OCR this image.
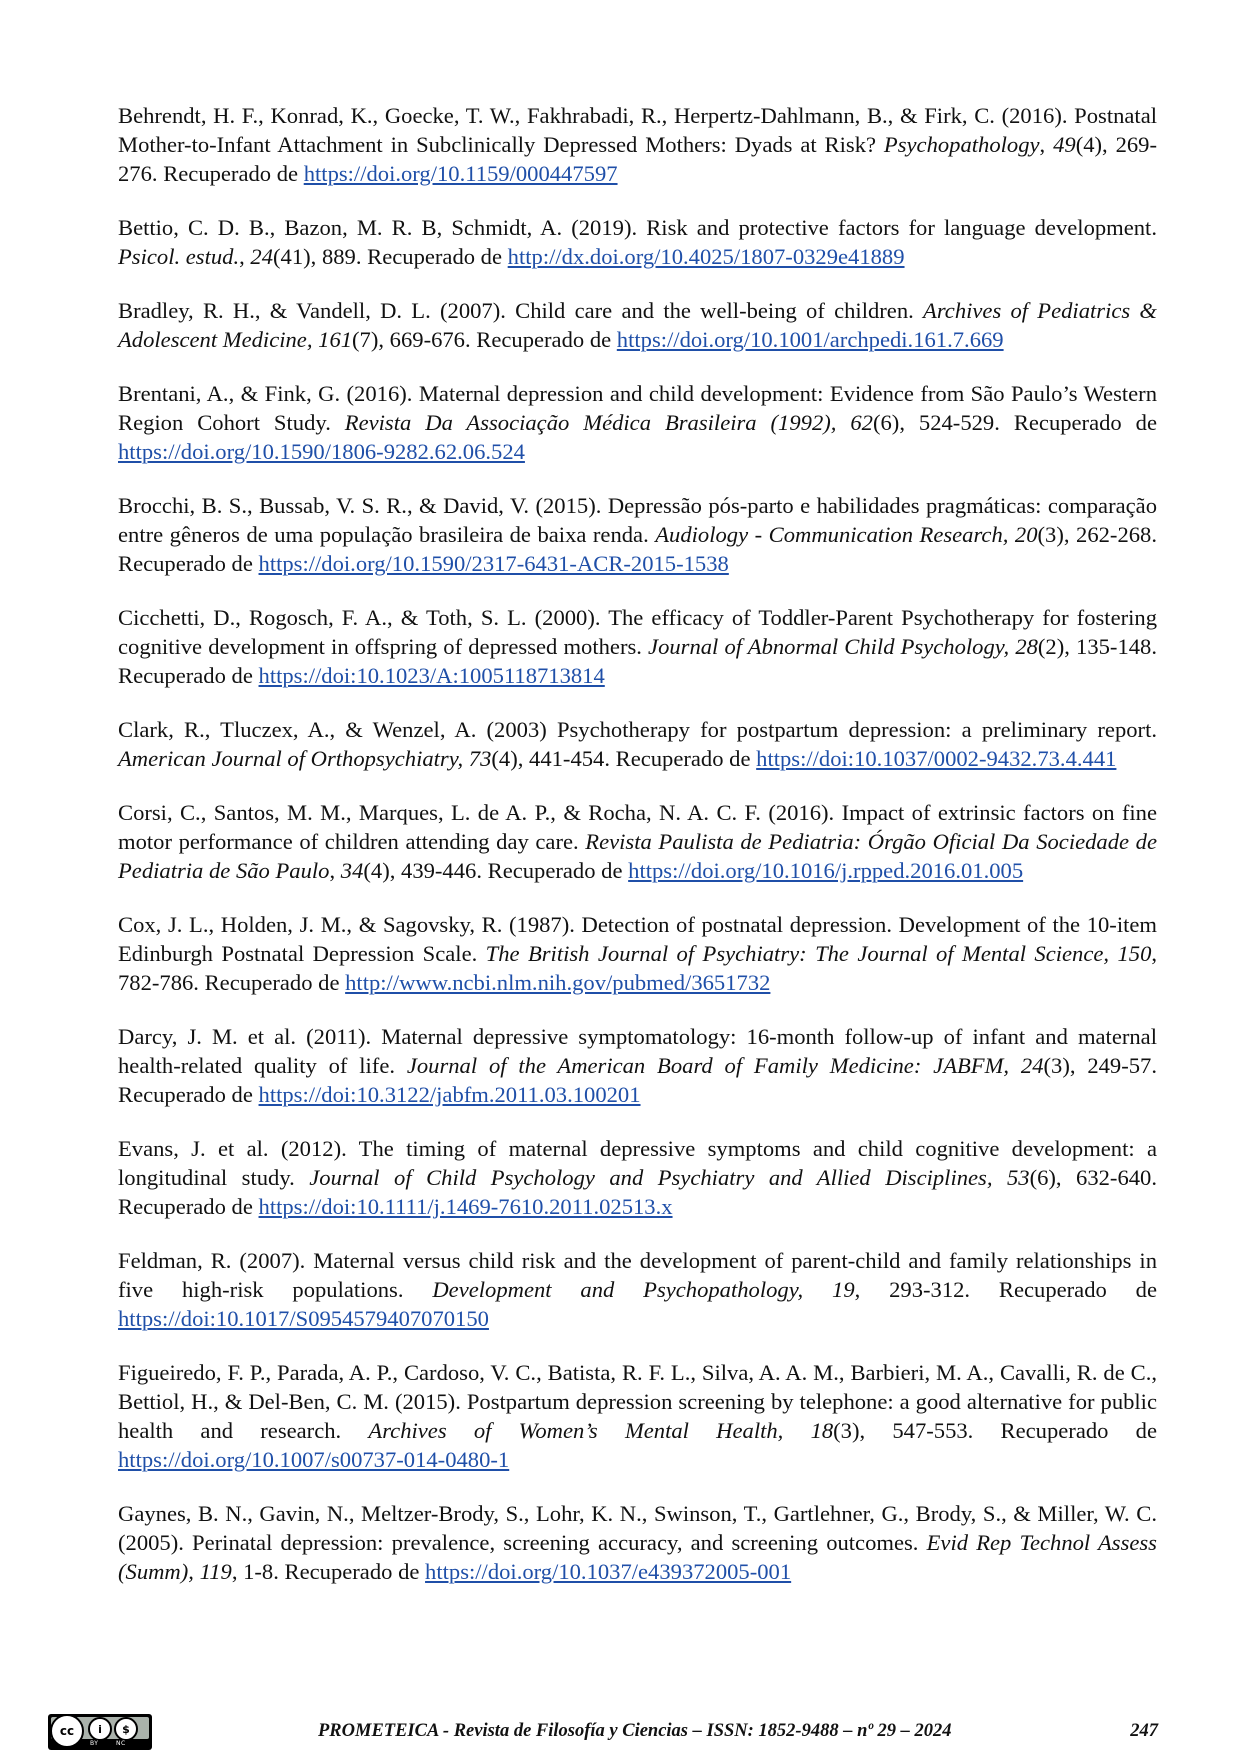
Behrendt, H. F., Konrad, K., Goecke, T. W., Fakhrabadi, R., Herpertz-Dahlmann, B., & Firk, C. (2016). Postnatal Mother-to-Infant Attachment in Subclinically Depressed Mothers: Dyads at Risk? Psychopathology, 49(4), 269-276. Recuperado de https://doi.org/10.1159/000447597

Bettio, C. D. B., Bazon, M. R. B, Schmidt, A. (2019). Risk and protective factors for language development. Psicol. estud., 24(41), 889. Recuperado de http://dx.doi.org/10.4025/1807-0329e41889

Bradley, R. H., & Vandell, D. L. (2007). Child care and the well-being of children. Archives of Pediatrics & Adolescent Medicine, 161(7), 669-676. Recuperado de https://doi.org/10.1001/archpedi.161.7.669

Brentani, A., & Fink, G. (2016). Maternal depression and child development: Evidence from São Paulo’s Western Region Cohort Study. Revista Da Associação Médica Brasileira (1992), 62(6), 524-529. Recuperado de https://doi.org/10.1590/1806-9282.62.06.524

Brocchi, B. S., Bussab, V. S. R., & David, V. (2015). Depressão pós-parto e habilidades pragmáticas: comparação entre gêneros de uma população brasileira de baixa renda. Audiology - Communication Research, 20(3), 262-268. Recuperado de https://doi.org/10.1590/2317-6431-ACR-2015-1538

Cicchetti, D., Rogosch, F. A., & Toth, S. L. (2000). The efficacy of Toddler-Parent Psychotherapy for fostering cognitive development in offspring of depressed mothers. Journal of Abnormal Child Psychology, 28(2), 135-148. Recuperado de https://doi:10.1023/A:1005118713814

Clark, R., Tluczex, A., & Wenzel, A. (2003) Psychotherapy for postpartum depression: a preliminary report. American Journal of Orthopsychiatry, 73(4), 441-454. Recuperado de https://doi:10.1037/0002-9432.73.4.441

Corsi, C., Santos, M. M., Marques, L. de A. P., & Rocha, N. A. C. F. (2016). Impact of extrinsic factors on fine motor performance of children attending day care. Revista Paulista de Pediatria: Órgão Oficial Da Sociedade de Pediatria de São Paulo, 34(4), 439-446. Recuperado de https://doi.org/10.1016/j.rpped.2016.01.005

Cox, J. L., Holden, J. M., & Sagovsky, R. (1987). Detection of postnatal depression. Development of the 10-item Edinburgh Postnatal Depression Scale. The British Journal of Psychiatry: The Journal of Mental Science, 150, 782-786. Recuperado de http://www.ncbi.nlm.nih.gov/pubmed/3651732

Darcy, J. M. et al. (2011). Maternal depressive symptomatology: 16-month follow-up of infant and maternal health-related quality of life. Journal of the American Board of Family Medicine: JABFM, 24(3), 249-57. Recuperado de https://doi:10.3122/jabfm.2011.03.100201

Evans, J. et al. (2012). The timing of maternal depressive symptoms and child cognitive development: a longitudinal study. Journal of Child Psychology and Psychiatry and Allied Disciplines, 53(6), 632-640. Recuperado de https://doi:10.1111/j.1469-7610.2011.02513.x

Feldman, R. (2007). Maternal versus child risk and the development of parent-child and family relationships in five high-risk populations. Development and Psychopathology, 19, 293-312. Recuperado de https://doi:10.1017/S0954579407070150

Figueiredo, F. P., Parada, A. P., Cardoso, V. C., Batista, R. F. L., Silva, A. A. M., Barbieri, M. A., Cavalli, R. de C., Bettiol, H., & Del-Ben, C. M. (2015). Postpartum depression screening by telephone: a good alternative for public health and research. Archives of Women’s Mental Health, 18(3), 547-553. Recuperado de https://doi.org/10.1007/s00737-014-0480-1

Gaynes, B. N., Gavin, N., Meltzer-Brody, S., Lohr, K. N., Swinson, T., Gartlehner, G., Brody, S., & Miller, W. C. (2005). Perinatal depression: prevalence, screening accuracy, and screening outcomes. Evid Rep Technol Assess (Summ), 119, 1-8. Recuperado de https://doi.org/10.1037/e439372005-001

cc	i	$
BY	NC
PROMETEICA - Revista de Filosofía y Ciencias – ISSN: 1852-9488 – nº 29 – 2024	247
